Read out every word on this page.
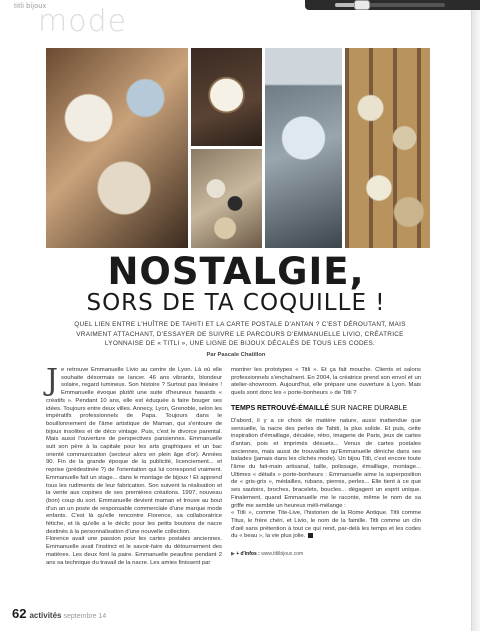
titli bijoux
mode
NOSTALGIE,
SORS DE TA COQUILLE !
QUEL LIEN ENTRE L'HUÎTRE DE TAHITI ET LA CARTE POSTALE D'ANTAN ? C'EST DÉROUTANT, MAIS VRAIMENT ATTACHANT, D'ESSAYER DE SUIVRE LE PARCOURS D'EMMANUELLE LIVIO, CRÉATRICE LYONNAISE DE « TITLI », UNE LIGNE DE BIJOUX DÉCALÉS DE TOUS LES CODES.
Par Pascale Chatillon

Je retrouve Emmanuelle Livio au centre de Lyon. Là où elle souhaite désormais se lancer. 46 ans vibrants, blondeur solaire, regard lumineux. Son histoire ? Surtout pas linéaire ! Emmanuelle évoque plutôt une suite d'heureux hasards « créatifs ». Pendant 10 ans, elle est éduquée à faire bouger ses idées. Toujours entre deux villes. Annecy, Lyon, Grenoble, selon les impératifs professionnels de Papa. Toujours dans le bouillonnement de l'âme artistique de Maman, qui s'entoure de bijoux insolites et de déco vintage. Puis, c'est le divorce parental. Mais aussi l'ouverture de perspectives parisiennes. Emmanuelle suit son père à la capitale pour les arts graphiques et un bac orienté communication (secteur alors en plein âge d'or). Années 90. Fin de la grande époque de la publicité, licenciement... et reprise (prédestinée ?) de l'orientation qui lui correspond vraiment. Emmanuelle fait un stage... dans le montage de bijoux ! Et apprend tous les rudiments de leur fabrication. Son suivent la réalisation et la vente aux copines de ses premières créations. 1997, nouveau (bon) coup du sort. Emmanuelle devient maman et trouve au bout d'un an un poste de responsable commerciale d'une marque mode enfants. C'est là qu'elle rencontre Florence, sa collaboratrice fétiche, et là qu'elle a le déclic pour les petits boutons de nacre destinés à la personnalisation d'une nouvelle collection.

Florence avait une passion pour les cartes postales anciennes. Emmanuelle avait l'instinct et le savoir-faire du détournement des matières. Les deux font la paire. Emmanuelle peaufine pendant 2 ans sa technique du travail de la nacre. Les amies finissent par

montrer les prototypes « Titli ». Et ça fait mouche. Clients et salons professionnels s'enchaînent. En 2004, la créatrice prend son envol et un atelier-showroom. Aujourd'hui, elle prépare une ouverture à Lyon. Mais quels sont donc les « porte-bonheurs » de Titli ?

TEMPS RETROUVÉ-ÉMAILLÉ SUR NACRE DURABLE

D'abord, il y a ce choix de matière nature, aussi inattendue que sensuelle, la nacre des perles de Tahiti, la plus solide. Et puis, cette inspiration d'émaillage, décalée, rétro, imagerie de Paris, jeux de cartes d'antan, pois et imprimés désuets... Venus de cartes postales anciennes, mais aussi de trouvailles qu'Emmanuelle déniche dans ses balades (jamais dans les clichés mode). Un bijou Titli, c'est encore toute l'âme du fait-main artisanal, taille, polissage, émaillage, montage... Ultimes « détails » porte-bonheurs : Emmanuelle aime la superposition de « gris-gris », médailles, rubans, pierres, perles... Elle tient à ce que ses sautoirs, broches, bracelets, boucles... dégagent un esprit unique. Finalement, quand Emmanuelle me le raconte, même le nom de sa griffe me semble un heureux méli-mélange :

« Titli », comme Tite-Live, l'historien de la Rome Antique. Titli comme Titus, le frère chéri, et Livio, le nom de la famille. Titli comme un clin d'œil sans prétention à tout ce qui rend, par-delà les temps et les codes du « beau », la vie plus jolie.

▶ + d'infos : www.titlibijoux.com
62 activités septembre 14
